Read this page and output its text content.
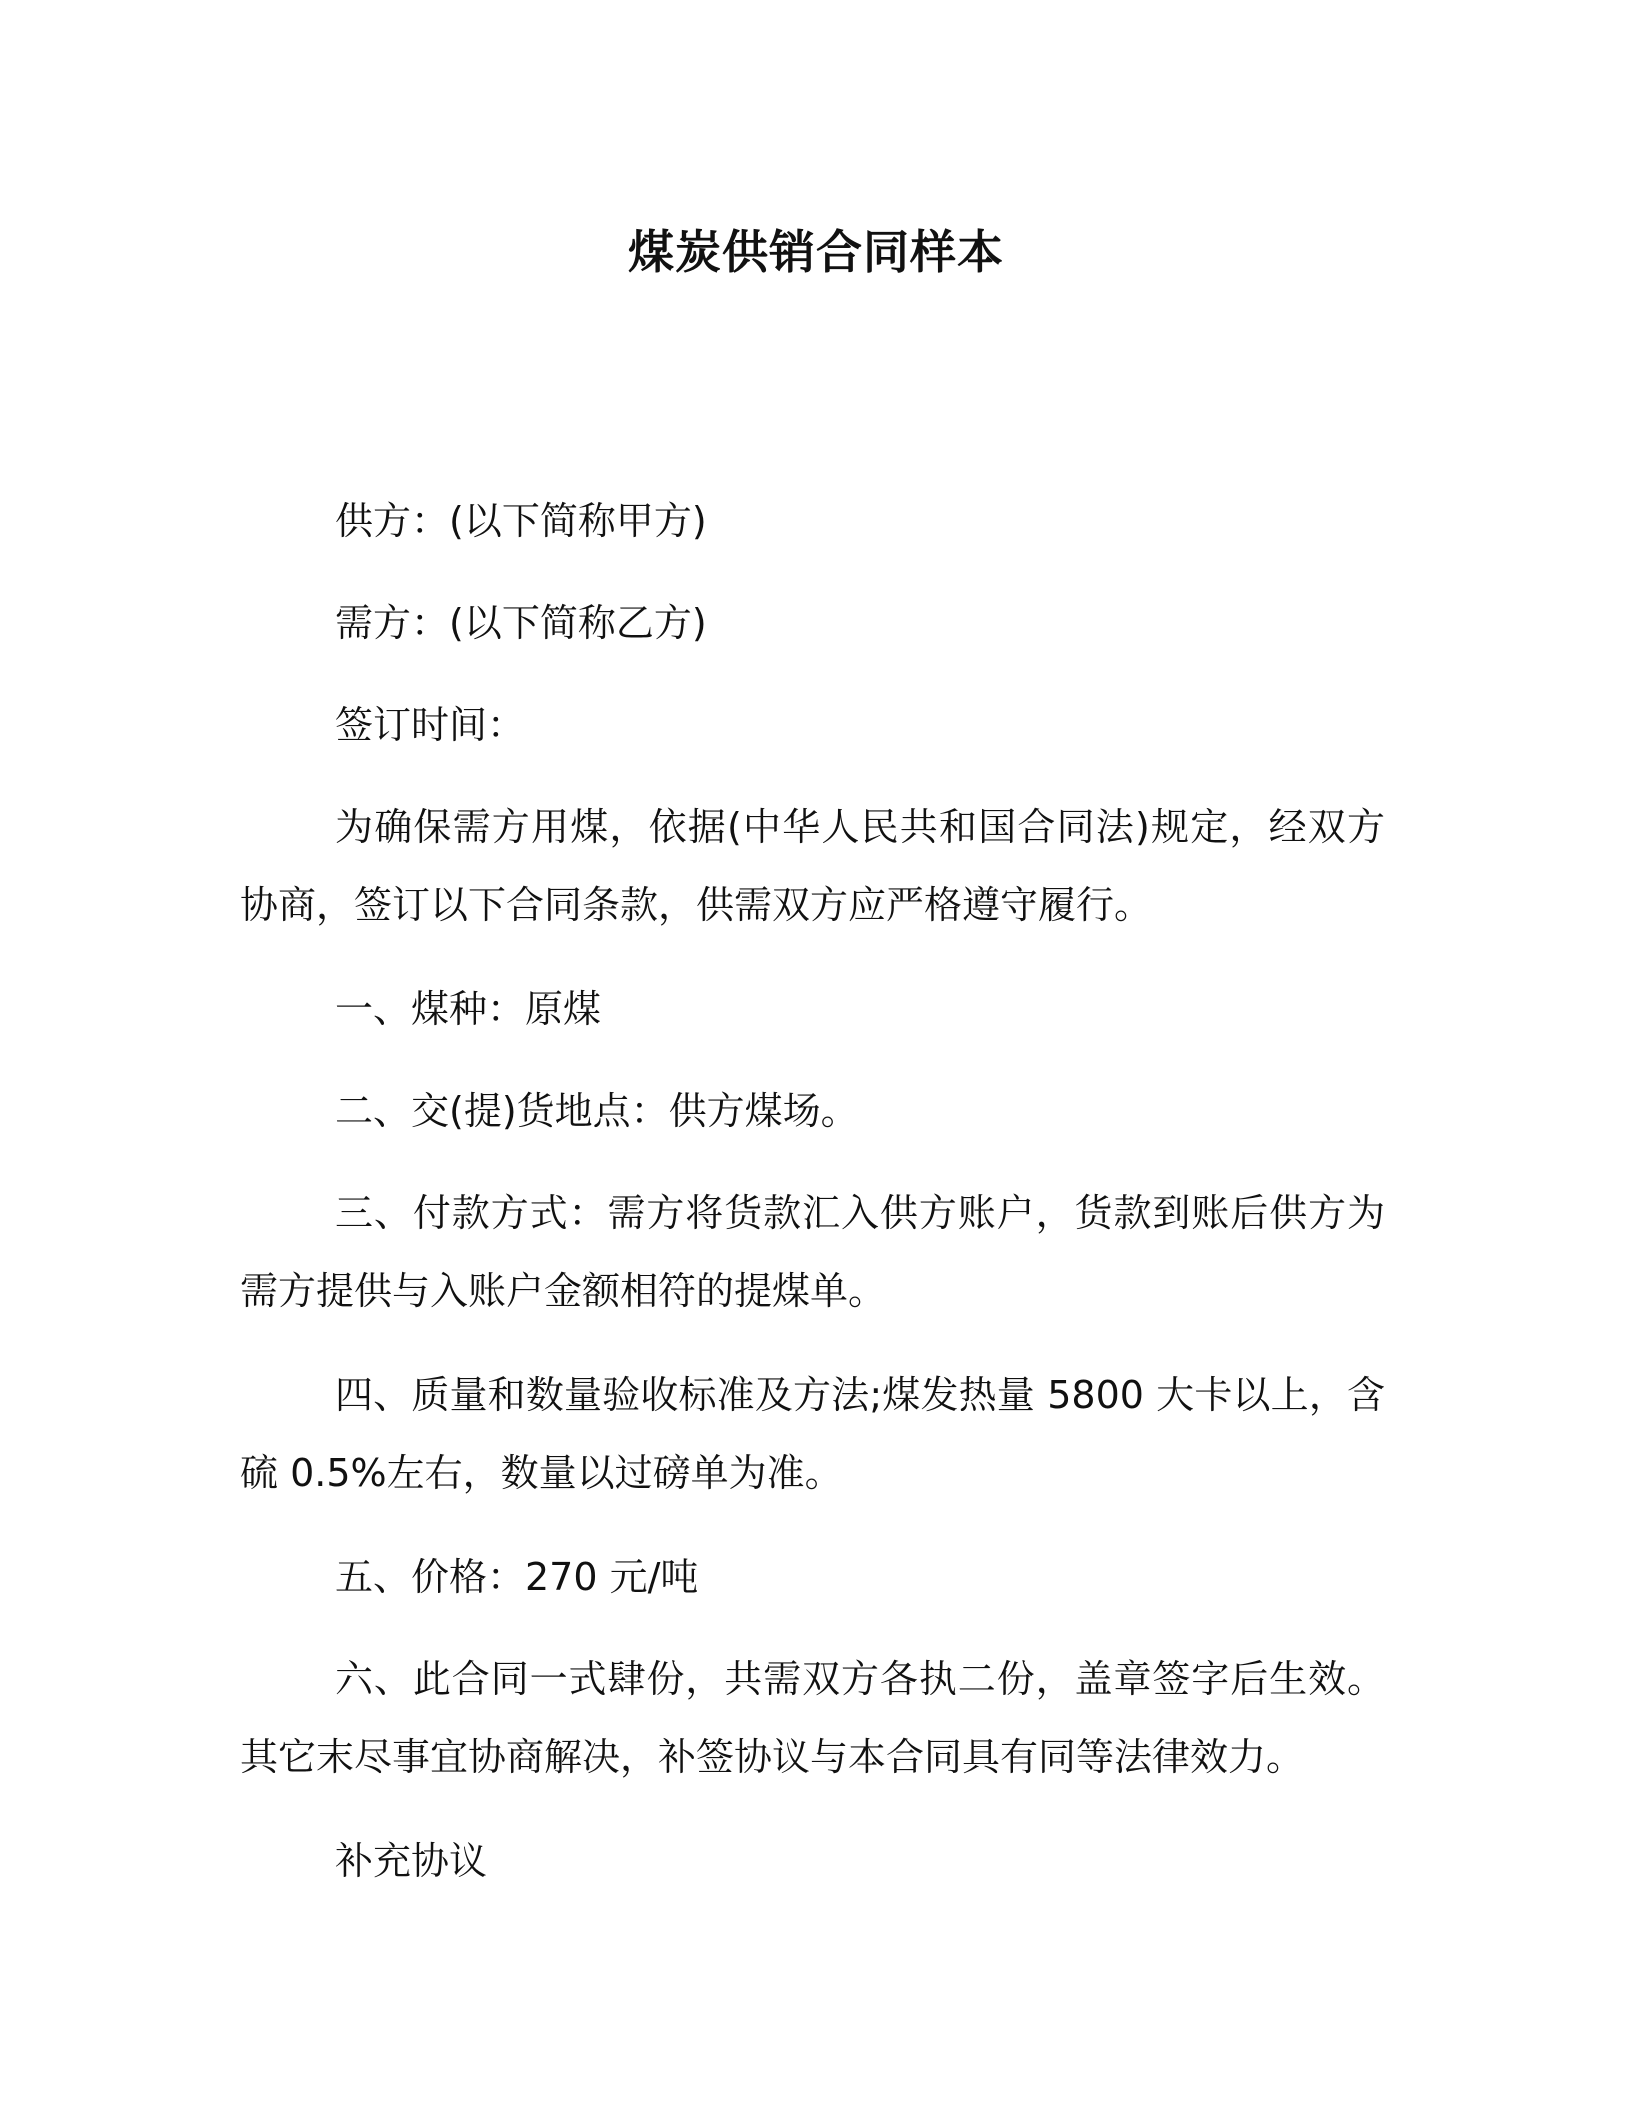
煤炭供销合同样本

供方：(以下简称甲方)

需方：(以下简称乙方)

签订时间：

为确保需方用煤，依据(中华人民共和国合同法)规定，经双方协商，签订以下合同条款，供需双方应严格遵守履行。

一、煤种：原煤

二、交(提)货地点：供方煤场。

三、付款方式：需方将货款汇入供方账户，货款到账后供方为需方提供与入账户金额相符的提煤单。

四、质量和数量验收标准及方法;煤发热量 5800 大卡以上，含硫 0.5%左右，数量以过磅单为准。

五、价格：270 元/吨

六、此合同一式肆份，共需双方各执二份，盖章签字后生效。其它末尽事宜协商解决，补签协议与本合同具有同等法律效力。

补充协议
